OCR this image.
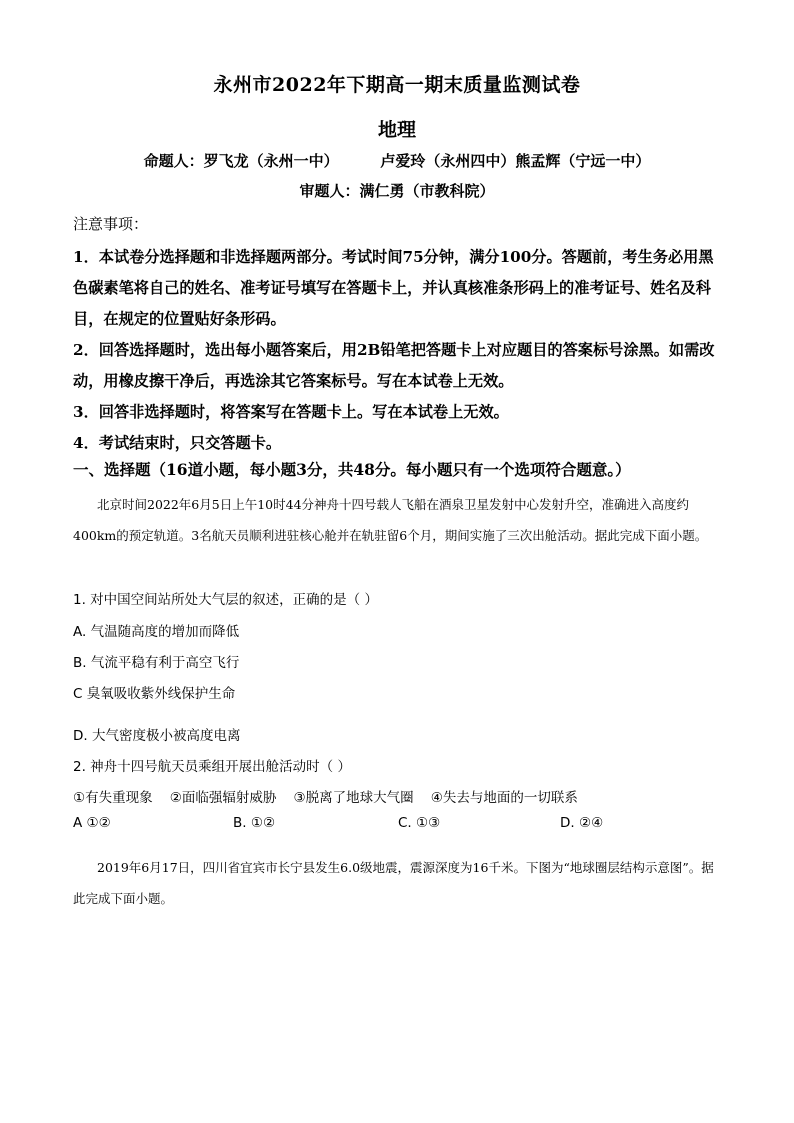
永州市2022年下期高一期末质量监测试卷
地理
命题人：罗飞龙（永州一中）        卢爱玲（永州四中）熊孟辉（宁远一中）
审题人：满仁勇（市教科院）
注意事项：

1．本试卷分选择题和非选择题两部分。考试时间75分钟，满分100分。答题前，考生务必用黑色碳素笔将自己的姓名、准考证号填写在答题卡上，并认真核准条形码上的准考证号、姓名及科目，在规定的位置贴好条形码。

2．回答选择题时，选出每小题答案后，用2B铅笔把答题卡上对应题目的答案标号涂黑。如需改动，用橡皮擦干净后，再选涂其它答案标号。写在本试卷上无效。

3．回答非选择题时，将答案写在答题卡上。写在本试卷上无效。

4．考试结束时，只交答题卡。

一、选择题（16道小题，每小题3分，共48分。每小题只有一个选项符合题意。）
北京时间2022年6月5日上午10时44分神舟十四号载人飞船在酒泉卫星发射中心发射升空，准确进入高度约400km的预定轨道。3名航天员顺利进驻核心舱并在轨驻留6个月，期间实施了三次出舱活动。据此完成下面小题。
1. 对中国空间站所处大气层的叙述，正确的是（ ）
A. 气温随高度的增加而降低
B. 气流平稳有利于高空飞行
C 臭氧吸收紫外线保护生命
D. 大气密度极小被高度电离
2. 神舟十四号航天员乘组开展出舱活动时（ ）
①有失重现象    ②面临强辐射威胁    ③脱离了地球大气圈    ④失去与地面的一切联系
A ①②	B. ①②	C. ①③	D. ②④
2019年6月17日，四川省宜宾市长宁县发生6.0级地震，震源深度为16千米。下图为“地球圈层结构示意图”。据此完成下面小题。
